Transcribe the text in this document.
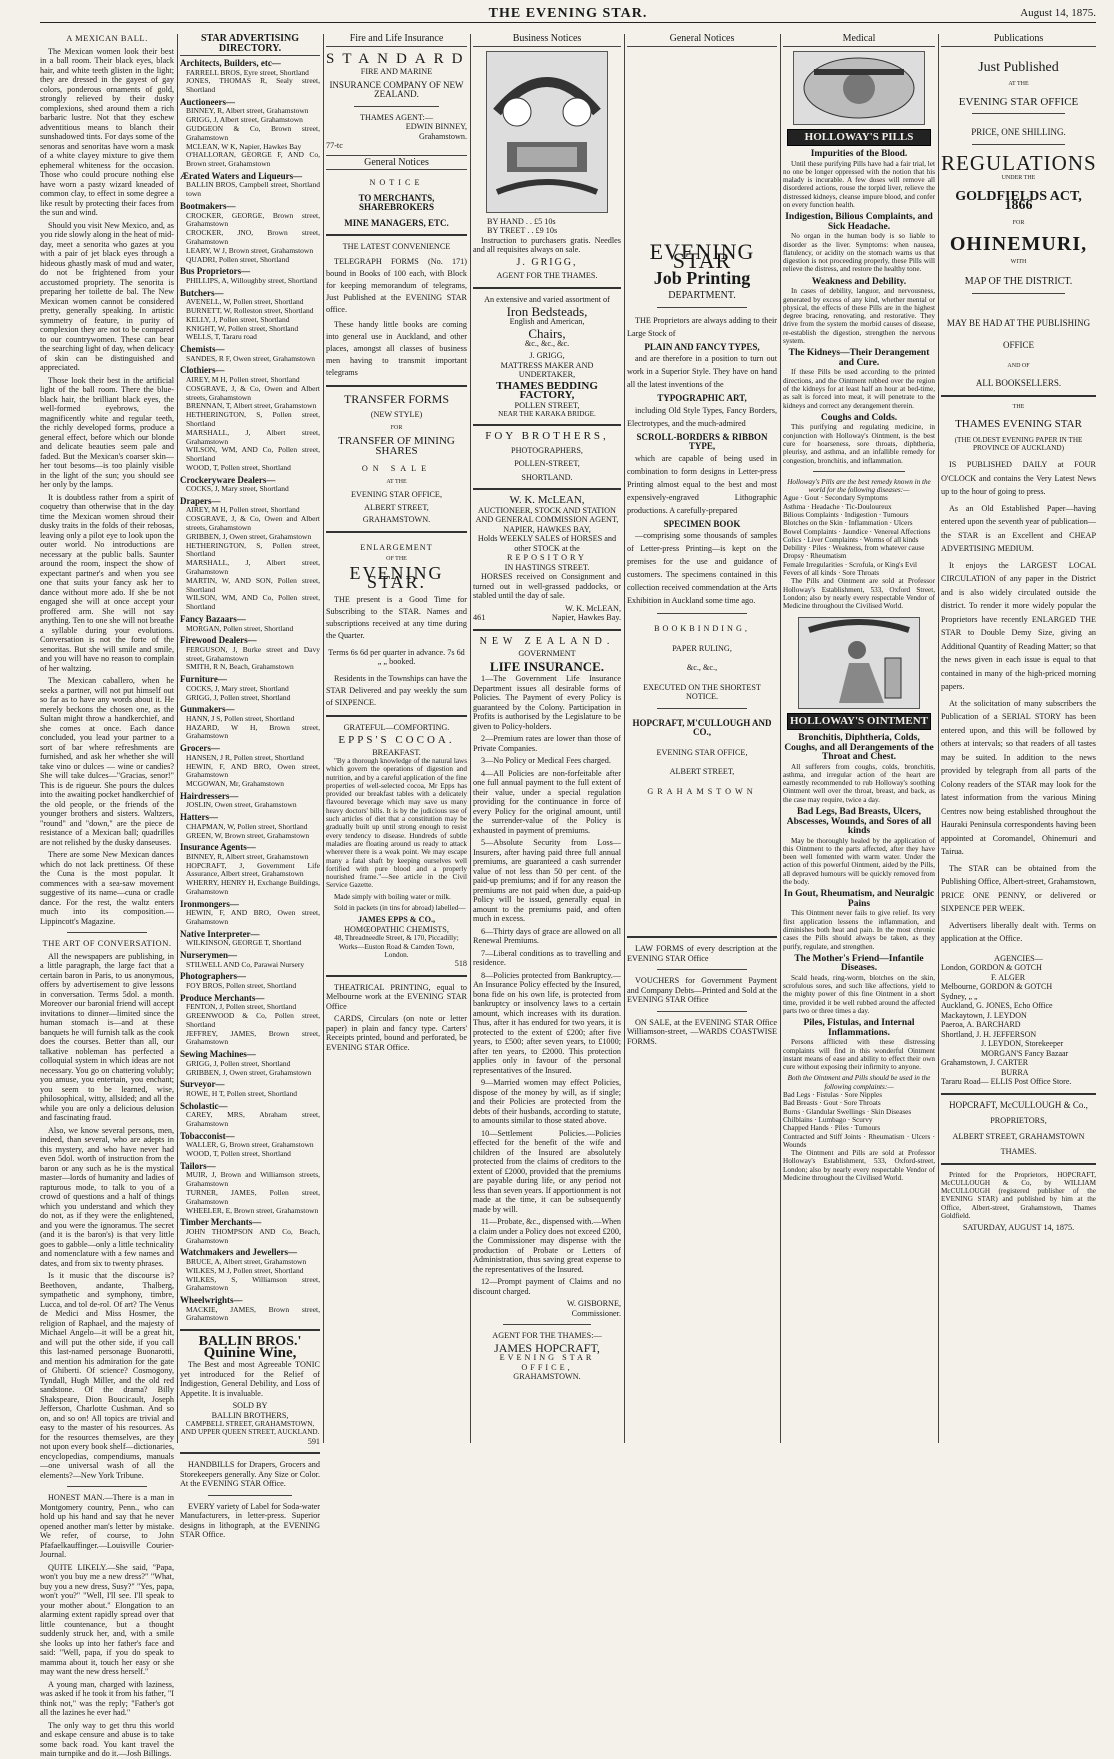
THE EVENING STAR.	August 14, 1875.
A MEXICAN BALL.

The Mexican women look their best in a ball room. Their black eyes, black hair, and white teeth glisten in the light; they are dressed in the gayest of gay colors, ponderous ornaments of gold, strongly relieved by their dusky complexions, shed around them a rich barbaric lustre. Not that they eschew adventitious means to blanch their sunshadowed tints. For days some of the senoras and senoritas have worn a mask of a white clayey mixture to give them ephemeral whiteness for the occasion. Those who could procure nothing else have worn a pasty wizard kneaded of common clay, to effect in some degree a like result by protecting their faces from the sun and wind.

Should you visit New Mexico, and, as you ride slowly along in the heat of mid-day, meet a senorita who gazes at you with a pair of jet black eyes through a hideous ghastly mask of mud and water, do not be frightened from your accustomed propriety. The senorita is preparing her toilette de bal. The New Mexican women cannot be considered pretty, generally speaking. In artistic symmetry of feature, in purity of complexion they are not to be compared to our countrywomen. These can bear the searching light of day, when delicacy of skin can be distinguished and appreciated.

Those look their best in the artificial light of the ball room. There the blue-black hair, the brilliant black eyes, the well-formed eyebrows, the magnificently white and regular teeth, the richly developed forms, produce a general effect, before which our blonde and delicate beauties seem pale and faded. But the Mexican's coarser skin—her tout besoms—is too plainly visible in the light of the sun; you should see her only by the lamps.

It is doubtless rather from a spirit of coquetry than otherwise that in the day time the Mexican women shroud their dusky traits in the folds of their rebosas, leaving only a pilot eye to look upon the outer world. No introductions are necessary at the public balls. Saunter around the room, inspect the show of expectant partner's and when you see one that suits your fancy ask her to dance without more ado. If she be not engaged she will at once accept your proffered arm. She will not say anything. Ten to one she will not breathe a syllable during your evolutions. Conversation is not the forte of the senoritas. But she will smile and smile, and you will have no reason to complain of her waltzing.

The Mexican caballero, when he seeks a partner, will not put himself out so far as to have any words about it. He merely beckons the chosen one, as the Sultan might throw a handkerchief, and she comes at once. Each dance concluded, you lead your partner to a sort of bar where refreshments are furnished, and ask her whether she will take vino or dulces — wine or candies? She will take dulces—"Gracias, senor!" This is de rigueur. She pours the dulces into the awaiting pocket handkerchief of the old people, or the friends of the younger brothers and sisters. Waltzers, "round" and "down," are the piece de resistance of a Mexican ball; quadrilles are not relished by the dusky danseuses.

There are some New Mexican dances which do not lack prettiness. Of these the Cuna is the most popular. It commences with a sea-saw movement suggestive of its name—cuna or cradle dance. For the rest, the waltz enters much into its composition.—Lippincott's Magazine.

THE ART OF CONVERSATION.

All the newspapers are publishing, in a little paragraph, the large fact that a certain baron in Paris, to us anonymous, offers by advertisement to give lessons in conversation. Terms 5dol. a month. Moreover our baronial friend will accept invitations to dinner—limited since the human stomach is—and at these banquets he will furnish talk as the cook does the courses. Better than all, our talkative nobleman has perfected a colloquial system in which ideas are not necessary. You go on chattering volubly; you amuse, you entertain, you enchant; you seem to be learned, wise, philosophical, witty, allsided; and all the while you are only a delicious delusion and fascinating fraud.

Also, we know several persons, men, indeed, than several, who are adepts in this mystery, and who have never had even 5dol. worth of instruction from the baron or any such as he is the mystical master—lords of humanity and ladies of rapturous mode, to talk to you of a crowd of questions and a half of things which you understand and which they do not, as if they were the enlightened, and you were the ignoramus. The secret (and it is the baron's) is that very little goes to gabble—only a little technicality and nomenclature with a few names and dates, and from six to twenty phrases.

Is it music that the discourse is? Beethoven, andante, Thalberg, sympathetic and symphony, timbre, Lucca, and tol de-rol. Of art? The Venus de Medici and Miss Hosmer, the religion of Raphael, and the majesty of Michael Angelo—it will be a great hit, and will put the other side, if you call this last-named personage Buonarotti, and mention his admiration for the gate of Ghiberti. Of science? Cosmogony, Tyndall, Hugh Miller, and the old red sandstone. Of the drama? Billy Shakspeare, Dion Boucicault, Joseph Jefferson, Charlotte Cushman. And so on, and so on! All topics are trivial and easy to the master of his resources. As for the resources themselves, are they not upon every book shelf—dictionaries, encyclopedias, compendiums, manuals—one universal wash of all the elements?—New York Tribune.

HONEST MAN.—There is a man in Montgomery country, Penn., who can hold up his hand and say that he never opened another man's letter by mistake. We refer, of course, to John Pfafaelkauffinger.—Louisville Courier-Journal.

QUITE LIKELY.—She said, "Papa, won't you buy me a new dress?" "What, buy you a new dress, Susy?" "Yes, papa, won't you?" "Well, I'll see. I'll speak to your mother about." Elongation to an alarming extent rapidly spread over that little countenance, but a thought suddenly struck her, and, with a smile she looks up into her father's face and said: "Well, papa, if you do speak to mamma about it, touch her easy or she may want the new dress herself."

A young man, charged with laziness, was asked if he took it from his father, "I think not," was the reply; "Father's got all the lazines he ever had."

The only way to get thru this world and eskape censure and abuse is to take some back road. You kant travel the main turnpike and do it.—Josh Billings.

STAR ADVERTISING DIRECTORY.
Architects, Builders, etc—
FARRELL BROS, Eyre street, Shortland
JONES, THOMAS R, Sealy street, Shortland
Auctioneers—
BINNEY, R, Albert street, Grahamstown
GRIGG, J, Albert street, Grahamstown
GUDGEON & Co, Brown street, Grahamstown
MCLEAN, W K, Napier, Hawkes Bay
O'HALLORAN, GEORGE F, AND Co, Brown street, Grahamstown
Ærated Waters and Liqueurs—
BALLIN BROS, Campbell street, Shortland town
Bootmakers—
CROCKER, GEORGE, Brown street, Grahamstown
CROCKER, JNO, Brown street, Grahamstown
LEARY, W J, Brown street, Grahamstown
QUADRI, Pollen street, Shortland
Bus Proprietors—
PHILLIPS, A, Willoughby street, Shortland
Butchers—
AVENELL, W, Pollen street, Shortland
BURNETT, W, Rolleston street, Shortland
KELLY, J, Pollen street, Shortland
KNIGHT, W, Pollen street, Shortland
WELLS, T, Tararu road
Chemists—
SANDES, R F, Owen street, Grahamstown
Clothiers—
AIREY, M H, Pollen street, Shortland
COSGRAVE, J, & Co, Owen and Albert streets, Grahamstown
BRENNAN, T, Albert street, Grahamstown
HETHERINGTON, S, Pollen street, Shortland
MARSHALL, J, Albert street, Grahamstown
WILSON, WM, AND Co, Pollen street, Shortland
WOOD, T, Pollen street, Shortland
Crockeryware Dealers—
COCKS, J, Mary street, Shortland
Drapers—
AIREY, M H, Pollen street, Shortland
COSGRAVE, J, & Co, Owen and Albert streets, Grahamstown
GRIBBEN, J, Owen street, Grahamstown
HETHERINGTON, S, Pollen street, Shortland
MARSHALL, J, Albert street, Grahamstown
MARTIN, W, AND SON, Pollen street, Shortland
WILSON, WM, AND Co, Pollen street, Shortland
Fancy Bazaars—
MORGAN, Pollen street, Shortland
Firewood Dealers—
FERGUSON, J, Burke street and Davy street, Grahamstown
SMITH, R N, Beach, Grahamstown
Furniture—
COCKS, J, Mary street, Shortland
GRIGG, J, Pollen street, Shortland
Gunmakers—
HANN, J S, Pollen street, Shortland
HAZARD, W H, Brown street, Grahamstown
Grocers—
HANSEN, J R, Pollen street, Shortland
HEWIN, F, AND BRO, Owen street, Grahamstown
MCGOWAN, Mr, Grahamstown
Hairdressers—
JOSLIN, Owen street, Grahamstown
Hatters—
CHAPMAN, W, Pollen street, Shortland
GREEN, W, Brown street, Grahamstown
Insurance Agents—
BINNEY, R, Albert street, Grahamstown
HOPCRAFT, J, Government Life Assurance, Albert street, Grahamstown
WHERRY, HENRY H, Exchange Buildings, Grahamstown
Ironmongers—
HEWIN, F, AND BRO, Owen street, Grahamstown
Native Interpreter—
WILKINSON, GEORGE T, Shortland
Nurserymen—
STILWELL AND Co, Parawai Nursery
Photographers—
FOY BROS, Pollen street, Shortland
Produce Merchants—
FENTON, J, Pollen street, Shortland
GREENWOOD & Co, Pollen street, Shortland
JEFFREY, JAMES, Brown street, Grahamstown
Sewing Machines—
GRIGG, J, Pollen street, Shortland
GRIBBEN, J, Owen street, Grahamstown
Surveyor—
ROWE, H T, Pollen street, Shortland
Scholastic—
CAREY, MRS, Abraham street, Grahamstown
Tobacconist—
WALLER, G, Brown street, Grahamstown
WOOD, T, Pollen street, Shortland
Tailors—
MUIR, J, Brown and Williamson streets, Grahamstown
TURNER, JAMES, Pollen street, Grahamstown
WHEELER, E, Brown street, Grahamstown
Timber Merchants—
JOHN THOMPSON AND Co, Beach, Grahamstown
Watchmakers and Jewellers—
BRUCE, A, Albert street, Grahamstown
WILKES, M J, Pollen street, Shortland
WILKES, S, Williamson street, Grahamstown
Wheelwrights—
MACKIE, JAMES, Brown street, Grahamstown
BALLIN BROS.'
Quinine Wine,

The Best and most Agreeable TONIC yet introduced for the Relief of Indigestion, General Debility, and Loss of Appetite. It is invaluable.

SOLD BY
BALLIN BROTHERS,
CAMPBELL STREET, GRAHAMSTOWN, AND UPPER QUEEN STREET, AUCKLAND.
591

HANDBILLS for Drapers, Grocers and Storekeepers generally. Any Size or Color. At the EVENING STAR Office.

EVERY variety of Label for Soda-water Manufacturers, in letter-press. Superior designs in lithograph, at the EVENING STAR Office.

Fire and Life Insurance
STANDARD
FIRE AND MARINE
INSURANCE COMPANY OF NEW ZEALAND.
THAMES AGENT:—
EDWIN BINNEY,
Grahamstown.
77-tc
General Notices
NOTICE
TO MERCHANTS, SHAREBROKERS
MINE MANAGERS, ETC.
THE LATEST CONVENIENCE

TELEGRAPH FORMS (No. 171) bound in Books of 100 each, with Block for keeping memorandum of telegrams, Just Published at the EVENING STAR office.

These handy little books are coming into general use in Auckland, and other places, amongst all classes of business men having to transmit important telegrams

TRANSFER FORMS
(NEW STYLE)
FOR
TRANSFER OF MINING SHARES
ON SALE
AT THE
EVENING STAR OFFICE,
ALBERT STREET,
GRAHAMSTOWN.
ENLARGEMENT
OF THE
EVENING STAR.

THE present is a Good Time for Subscribing to the STAR. Names and subscriptions received at any time during the Quarter.

Terms 6s 6d per quarter in advance. 7s 6d „ „ booked.

Residents in the Townships can have the STAR Delivered and pay weekly the sum of SIXPENCE.

GRATEFUL—COMFORTING.
EPPS'S COCOA.
BREAKFAST.

"By a thorough knowledge of the natural laws which govern the operations of digestion and nutrition, and by a careful application of the fine properties of well-selected cocoa, Mr Epps has provided our breakfast tables with a delicately flavoured beverage which may save us many heavy doctors' bills. It is by the judicious use of such articles of diet that a constitution may be gradually built up until strong enough to resist every tendency to disease. Hundreds of subtle maladies are floating around us ready to attack wherever there is a weak point. We may escape many a fatal shaft by keeping ourselves well fortified with pure blood and a properly nourished frame."—See article in the Civil Service Gazette.

Made simply with boiling water or milk.

Sold in packets (in tins for abroad) labelled—

JAMES EPPS & CO.,
HOMŒOPATHIC CHEMISTS,
48, Threadneedle Street, & 170, Piccadilly; Works—Euston Road & Camden Town, London.
518

THEATRICAL PRINTING, equal to Melbourne work at the EVENING STAR Office

CARDS, Circulars (on note or letter paper) in plain and fancy type. Carters' Receipts printed, bound and perforated, be EVENING STAR Office.

Business Notices
BY HAND . . £5 10s
BY TREET . . £9 10s

Instruction to purchasers gratis. Needles and all requisites always on sale.

J. GRIGG,
AGENT FOR THE THAMES.
An extensive and varied assortment of
Iron Bedsteads,
English and American,
Chairs,
&c., &c., &c.
J. GRIGG,
MATTRESS MAKER AND UNDERTAKER,
THAMES BEDDING FACTORY,
POLLEN STREET,
NEAR THE KARAKA BRIDGE.
FOY BROTHERS,
PHOTOGRAPHERS,
POLLEN-STREET,
SHORTLAND.
W. K. McLEAN,
AUCTIONEER, STOCK AND STATION AND GENERAL COMMISSION AGENT,
NAPIER, HAWKES BAY,
Holds WEEKLY SALES of HORSES and other STOCK at the
REPOSITORY
IN HASTINGS STREET.

HORSES received on Consignment and turned out in well-grassed paddocks, or stabled until the day of sale.

W. K. McLEAN,
461	Napier, Hawkes Bay.
NEW ZEALAND.
GOVERNMENT
LIFE INSURANCE.

1—The Government Life Insurance Department issues all desirable forms of Policies. The Payment of every Policy is guaranteed by the Colony. Participation in Profits is authorised by the Legislature to be given to Policy-holders.

2—Premium rates are lower than those of Private Companies.

3—No Policy or Medical Fees charged.

4—All Policies are non-forfeitable after one full annual payment to the full extent of their value, under a special regulation providing for the continuance in force of every Policy for the original amount, until the surrender-value of the Policy is exhausted in payment of premiums.

5—Absolute Security from Loss—Insurers, after having paid three full annual premiums, are guaranteed a cash surrender value of not less than 50 per cent. of the paid-up premiums; and if for any reason the premiums are not paid when due, a paid-up Policy will be issued, generally equal in amount to the premiums paid, and often much in excess.

6—Thirty days of grace are allowed on all Renewal Premiums.

7—Liberal conditions as to travelling and residence.

8—Policies protected from Bankruptcy.—An Insurance Policy effected by the Insured, bona fide on his own life, is protected from bankruptcy or insolvency laws to a certain amount, which increases with its duration. Thus, after it has endured for two years, it is protected to the extent of £200; after five years, to £500; after seven years, to £1000; after ten years, to £2000. This protection applies only in favour of the personal representatives of the Insured.

9—Married women may effect Policies, dispose of the money by will, as if single; and their Policies are protected from the debts of their husbands, according to statute, to amounts similar to those stated above.

10—Settlement Policies.—Policies effected for the benefit of the wife and children of the Insured are absolutely protected from the claims of creditors to the extent of £2000, provided that the premiums are payable during life, or any period not less than seven years. If apportionment is not made at the time, it can be subsequently made by will.

11—Probate, &c., dispensed with.—When a claim under a Policy does not exceed £200, the Commissioner may dispense with the production of Probate or Letters of Administration, thus saving great expense to the representatives of the Insured.

12—Prompt payment of Claims and no discount charged.

W. GISBORNE,
Commissioner.
AGENT FOR THE THAMES:—
JAMES HOPCRAFT,
EVENING STAR OFFICE,
GRAHAMSTOWN.
General Notices
EVENING STAR
Job Printing
DEPARTMENT.

THE Proprietors are always adding to their Large Stock of

PLAIN AND FANCY TYPES,

and are therefore in a position to turn out work in a Superior Style. They have on hand all the latest inventions of the

TYPOGRAPHIC ART,

including Old Style Types, Fancy Borders, Electrotypes, and the much-admired

SCROLL-BORDERS & RIBBON TYPE,

which are capable of being used in combination to form designs in Letter-press Printing almost equal to the best and most expensively-engraved Lithographic productions. A carefully-prepared

SPECIMEN BOOK

—comprising some thousands of samples of Letter-press Printing—is kept on the premises for the use and guidance of customers. The specimens contained in this collection received commendation at the Arts Exhibition in Auckland some time ago.

BOOKBINDING,
PAPER RULING,
&c., &c.,
EXECUTED ON THE SHORTEST NOTICE.
HOPCRAFT, M'CULLOUGH AND CO.,
EVENING STAR OFFICE,
ALBERT STREET,
GRAHAMSTOWN

LAW FORMS of every description at the EVENING STAR Office

VOUCHERS for Government Payment and Company Debts—Printed and Sold at the EVENING STAR Office

ON SALE, at the EVENING STAR Office Williamson-street, —WARDS COASTWISE FORMS.

Medical
HOLLOWAY'S PILLS
Impurities of the Blood.

Until these purifying Pills have had a fair trial, let no one be longer oppressed with the notion that his malady is incurable. A few doses will remove all disordered actions, rouse the torpid liver, relieve the distressed kidneys, cleanse impure blood, and confer on every function health.

Indigestion, Bilious Complaints, and Sick Headache.

No organ in the human body is so liable to disorder as the liver. Symptoms: when nausea, flatulency, or acidity on the stomach warns us that digestion is not proceeding properly, these Pills will relieve the distress, and restore the healthy tone.

Weakness and Debility.

In cases of debility, languor, and nervousness, generated by excess of any kind, whether mental or physical, the effects of these Pills are in the highest degree bracing, renovating, and restorative. They drive from the system the morbid causes of disease, re-establish the digestion, strengthen the nervous system.

The Kidneys—Their Derangement and Cure.

If these Pills be used according to the printed directions, and the Ointment rubbed over the region of the kidneys for at least half an hour at bed-time, as salt is forced into meat, it will penetrate to the kidneys and correct any derangement therein.

Coughs and Colds.

This purifying and regulating medicine, in conjunction with Holloway's Ointment, is the best cure for hoarseness, sore throats, diphtheria, pleurisy, and asthma, and an infallible remedy for congestion, bronchitis, and inflammation.

Holloway's Pills are the best remedy known in the world for the following diseases:—
Ague · Gout · Secondary Symptoms
Asthma · Headache · Tic-Douloureux
Bilious Complaints · Indigestion · Tumours
Blotches on the Skin · Inflammation · Ulcers
Bowel Complaints · Jaundice · Venereal Affections
Colics · Liver Complaints · Worms of all kinds
Debility · Piles · Weakness, from whatever cause
Dropsy · Rheumatism
Female Irregularities · Scrofula, or King's Evil
Fevers of all kinds · Sore Throats

The Pills and Ointment are sold at Professor Holloway's Establishment, 533, Oxford Street, London; also by nearly every respectable Vendor of Medicine throughout the Civilised World.

HOLLOWAY'S OINTMENT
Bronchitis, Diphtheria, Colds, Coughs, and all Derangements of the Throat and Chest.

All sufferers from coughs, colds, bronchitis, asthma, and irregular action of the heart are earnestly recommended to rub Holloway's soothing Ointment well over the throat, breast, and back, as the case may require, twice a day.

Bad Legs, Bad Breasts, Ulcers, Abscesses, Wounds, and Sores of all kinds

May be thoroughly healed by the application of this Ointment to the parts affected, after they have been well fomented with warm water. Under the action of this powerful Ointment, aided by the Pills, all depraved humours will be quickly removed from the body.

In Gout, Rheumatism, and Neuralgic Pains

This Ointment never fails to give relief. Its very first application lessens the inflammation, and diminishes both heat and pain. In the most chronic cases the Pills should always be taken, as they purify, regulate, and strengthen.

The Mother's Friend—Infantile Diseases.

Scald heads, ring-worm, blotches on the skin, scrofulous sores, and such like affections, yield to the mighty power of this fine Ointment in a short time, provided it be well rubbed around the affected parts two or three times a day.

Piles, Fistulas, and Internal Inflammations.

Persons afflicted with these distressing complaints will find in this wonderful Ointment instant means of ease and ability to effect their own cure without exposing their infirmity to anyone.

Both the Ointment and Pills should be used in the following complaints:—
Bad Legs · Fistulas · Sore Nipples
Bad Breasts · Gout · Sore Throats
Burns · Glandular Swellings · Skin Diseases
Chilblains · Lumbago · Scurvy
Chapped Hands · Piles · Tumours
Contracted and Stiff Joints · Rheumatism · Ulcers · Wounds

The Ointment and Pills are sold at Professor Holloway's Establishment, 533, Oxford-street, London; also by nearly every respectable Vendor of Medicine throughout the Civilised World.

Publications
Just Published
AT THE
EVENING STAR OFFICE
PRICE, ONE SHILLING.
REGULATIONS
UNDER THE
GOLDFIELDS ACT, 1866
FOR
OHINEMURI,
WITH
MAP OF THE DISTRICT.
MAY BE HAD AT THE PUBLISHING OFFICE
AND OF
ALL BOOKSELLERS.
THE
THAMES EVENING STAR
(THE OLDEST EVENING PAPER IN THE PROVINCE OF AUCKLAND)

IS PUBLISHED DAILY at FOUR O'CLOCK and contains the Very Latest News up to the hour of going to press.

As an Old Established Paper—having entered upon the seventh year of publication—the STAR is an Excellent and CHEAP ADVERTISING MEDIUM.

It enjoys the LARGEST LOCAL CIRCULATION of any paper in the District and is also widely circulated outside the district. To render it more widely popular the Proprietors have recently ENLARGED THE STAR to Double Demy Size, giving an Additional Quantity of Reading Matter; so that the news given in each issue is equal to that contained in many of the high-priced morning papers.

At the solicitation of many subscribers the Publication of a SERIAL STORY has been entered upon, and this will be followed by others at intervals; so that readers of all tastes may be suited. In addition to the news provided by telegraph from all parts of the Colony readers of the STAR may look for the latest information from the various Mining Centres now being established throughout the Hauraki Peninsula correspondents having been appointed at Coromandel, Ohinemuri and Tairua.

The STAR can be obtained from the Publishing Office, Albert-street, Grahamstown, PRICE ONE PENNY, or delivered or SIXPENCE PER WEEK.

Advertisers liberally dealt with. Terms on application at the Office.

AGENCIES—
London, GORDON & GOTCH
F. ALGER
Melbourne, GORDON & GOTCH
Sydney, „ „
Auckland, G. JONES, Echo Office
Mackaytown, J. LEYDON
Paeroa, A. BARCHARD
Shortland, J. H. JEFFERSON
J. LEYDON, Storekeeper
MORGAN'S Fancy Bazaar
Grahamstown, J. CARTER
BURRA
Tararu Road— ELLIS Post Office Store.
HOPCRAFT, McCULLOUGH & Co.,
PROPRIETORS,
ALBERT STREET, GRAHAMSTOWN
THAMES.

Printed for the Proprietors, HOPCRAFT, McCULLOUGH & Co, by WILLIAM McCULLOUGH (registered publisher of the EVENING STAR) and published by him at the Office, Albert-street, Grahamstown, Thames Goldfield.

SATURDAY, AUGUST 14, 1875.
